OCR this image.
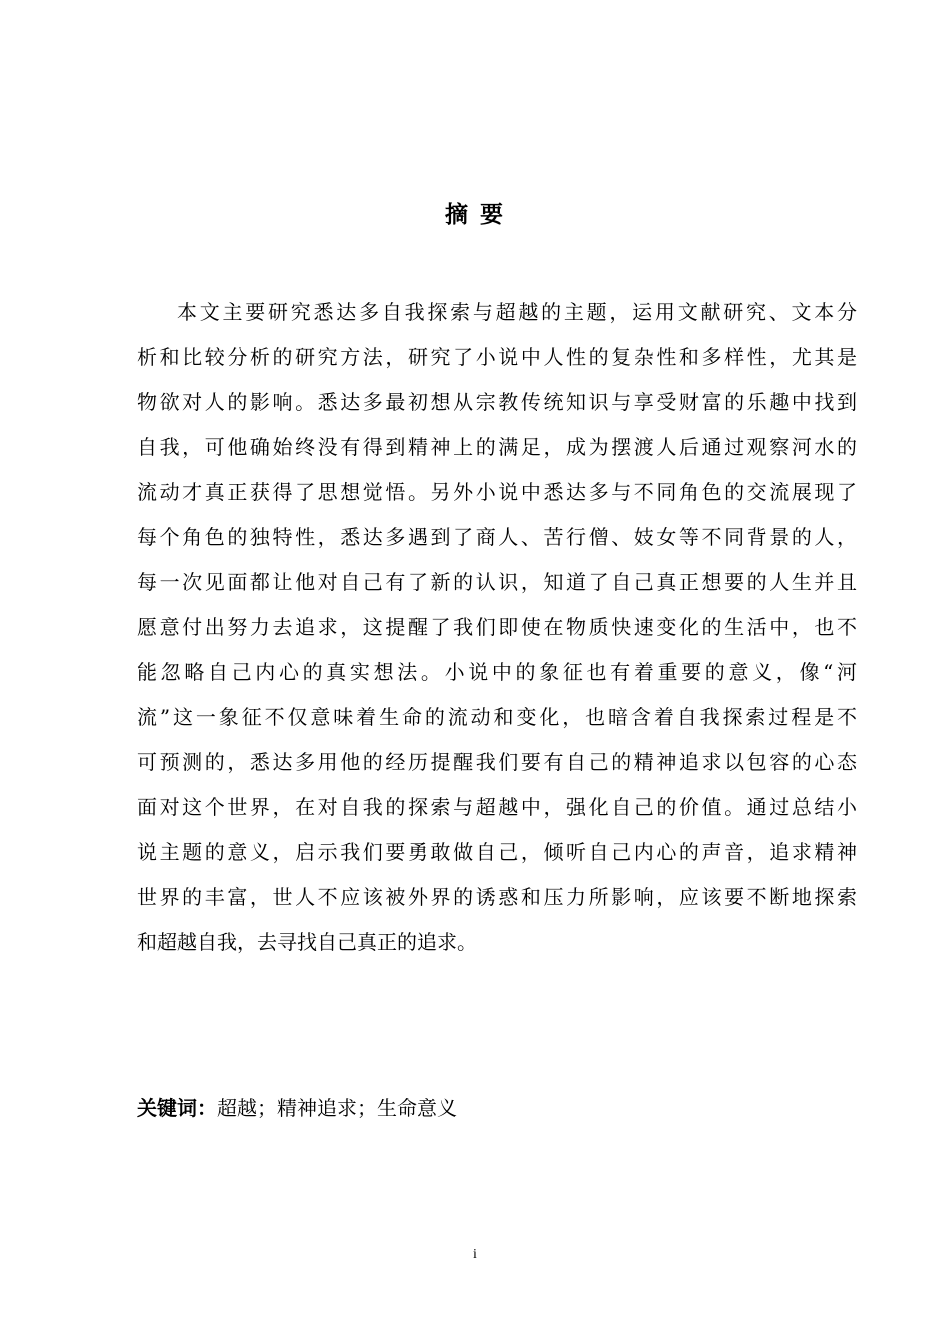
摘 要
本文主要研究悉达多自我探索与超越的主题，运用文献研究、文本分
析和比较分析的研究方法，研究了小说中人性的复杂性和多样性，尤其是
物欲对人的影响。悉达多最初想从宗教传统知识与享受财富的乐趣中找到
自我，可他确始终没有得到精神上的满足，成为摆渡人后通过观察河水的
流动才真正获得了思想觉悟。另外小说中悉达多与不同角色的交流展现了
每个角色的独特性，悉达多遇到了商人、苦行僧、妓女等不同背景的人，
每一次见面都让他对自己有了新的认识，知道了自己真正想要的人生并且
愿意付出努力去追求，这提醒了我们即使在物质快速变化的生活中，也不
能忽略自己内心的真实想法。小说中的象征也有着重要的意义，像“河
流”这一象征不仅意味着生命的流动和变化，也暗含着自我探索过程是不
可预测的，悉达多用他的经历提醒我们要有自己的精神追求以包容的心态
面对这个世界，在对自我的探索与超越中，强化自己的价值。通过总结小
说主题的意义，启示我们要勇敢做自己，倾听自己内心的声音，追求精神
世界的丰富，世人不应该被外界的诱惑和压力所影响，应该要不断地探索
和超越自我，去寻找自己真正的追求。
关键词：超越；精神追求；生命意义
i
